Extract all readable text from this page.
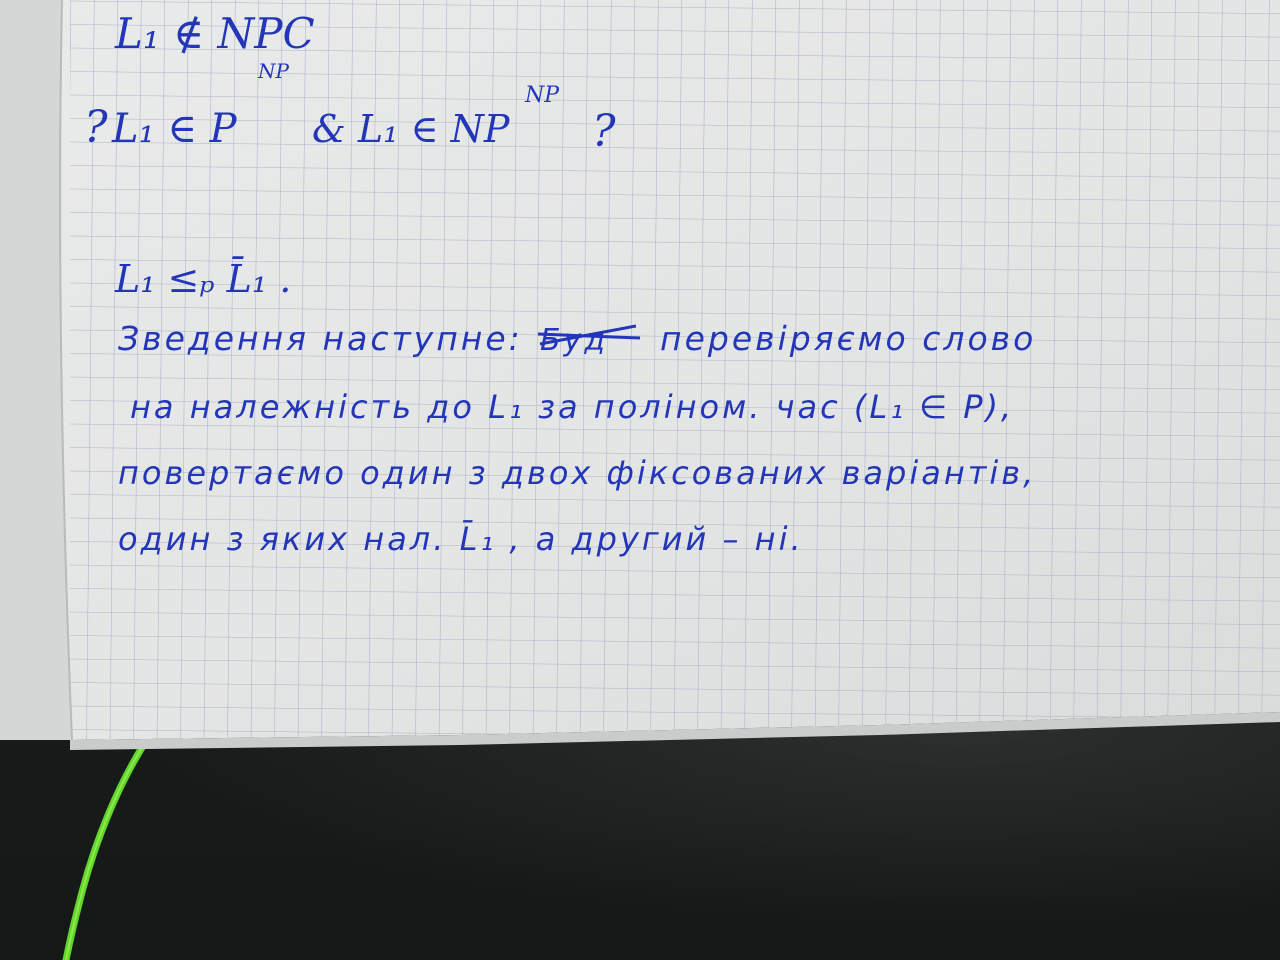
L₁ ∉ NPC
? L₁ ∈ P
NP
& L₁ ∈ NP
NP
?
L₁ ≤ₚ L̄₁ .
Зведення наступне: Буд перевіряємо слово
на належність до L₁ за поліном. час (L₁ ∈ P),
повертаємо один з двох фіксованих варіантів,
один з яких нал. L̄₁ , а другий – ні.
